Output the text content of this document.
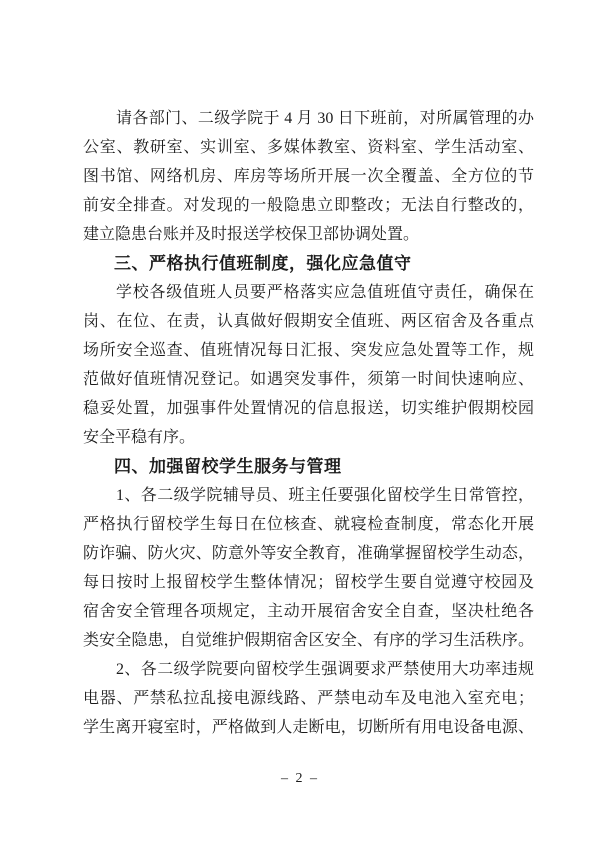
请各部门、二级学院于 4 月 30 日下班前，对所属管理的办
公室、教研室、实训室、多媒体教室、资料室、学生活动室、
图书馆、网络机房、库房等场所开展一次全覆盖、全方位的节
前安全排查。对发现的一般隐患立即整改；无法自行整改的，
建立隐患台账并及时报送学校保卫部协调处置。
三、严格执行值班制度，强化应急值守
学校各级值班人员要严格落实应急值班值守责任，确保在
岗、在位、在责，认真做好假期安全值班、两区宿舍及各重点
场所安全巡查、值班情况每日汇报、突发应急处置等工作，规
范做好值班情况登记。如遇突发事件，须第一时间快速响应、
稳妥处置，加强事件处置情况的信息报送，切实维护假期校园
安全平稳有序。
四、加强留校学生服务与管理
1、各二级学院辅导员、班主任要强化留校学生日常管控，
严格执行留校学生每日在位核查、就寝检查制度，常态化开展
防诈骗、防火灾、防意外等安全教育，准确掌握留校学生动态，
每日按时上报留校学生整体情况；留校学生要自觉遵守校园及
宿舍安全管理各项规定，主动开展宿舍安全自查，坚决杜绝各
类安全隐患，自觉维护假期宿舍区安全、有序的学习生活秩序。
2、各二级学院要向留校学生强调要求严禁使用大功率违规
电器、严禁私拉乱接电源线路、严禁电动车及电池入室充电；
学生离开寝室时，严格做到人走断电，切断所有用电设备电源、
– 2 –
